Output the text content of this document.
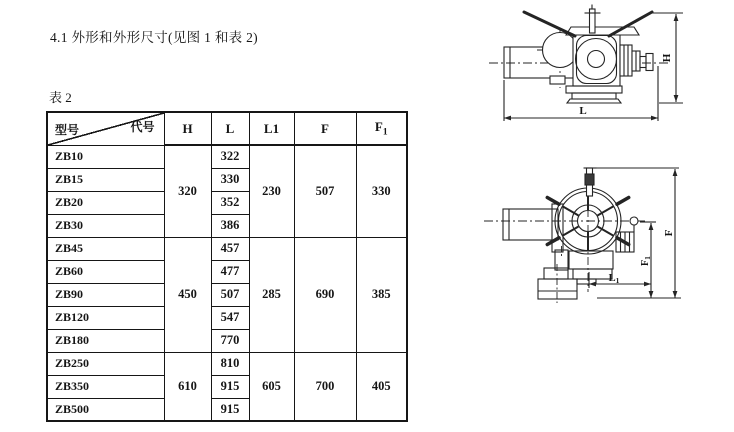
4.1 外形和外形尺寸(见图 1 和表 2)
表 2
型号 代号	H	L	L1	F	$F_1$
ZB10	320	322	230	507	330
ZB15		330			
ZB20		352			
ZB30		386			
ZB45	450	457	285	690	385
ZB60		477			
ZB90		507			
ZB120		547			
ZB180		770			
ZB250	610	810	605	700	405
ZB350		915			
ZB500		915			
H
L
F
$F_1$
L1
